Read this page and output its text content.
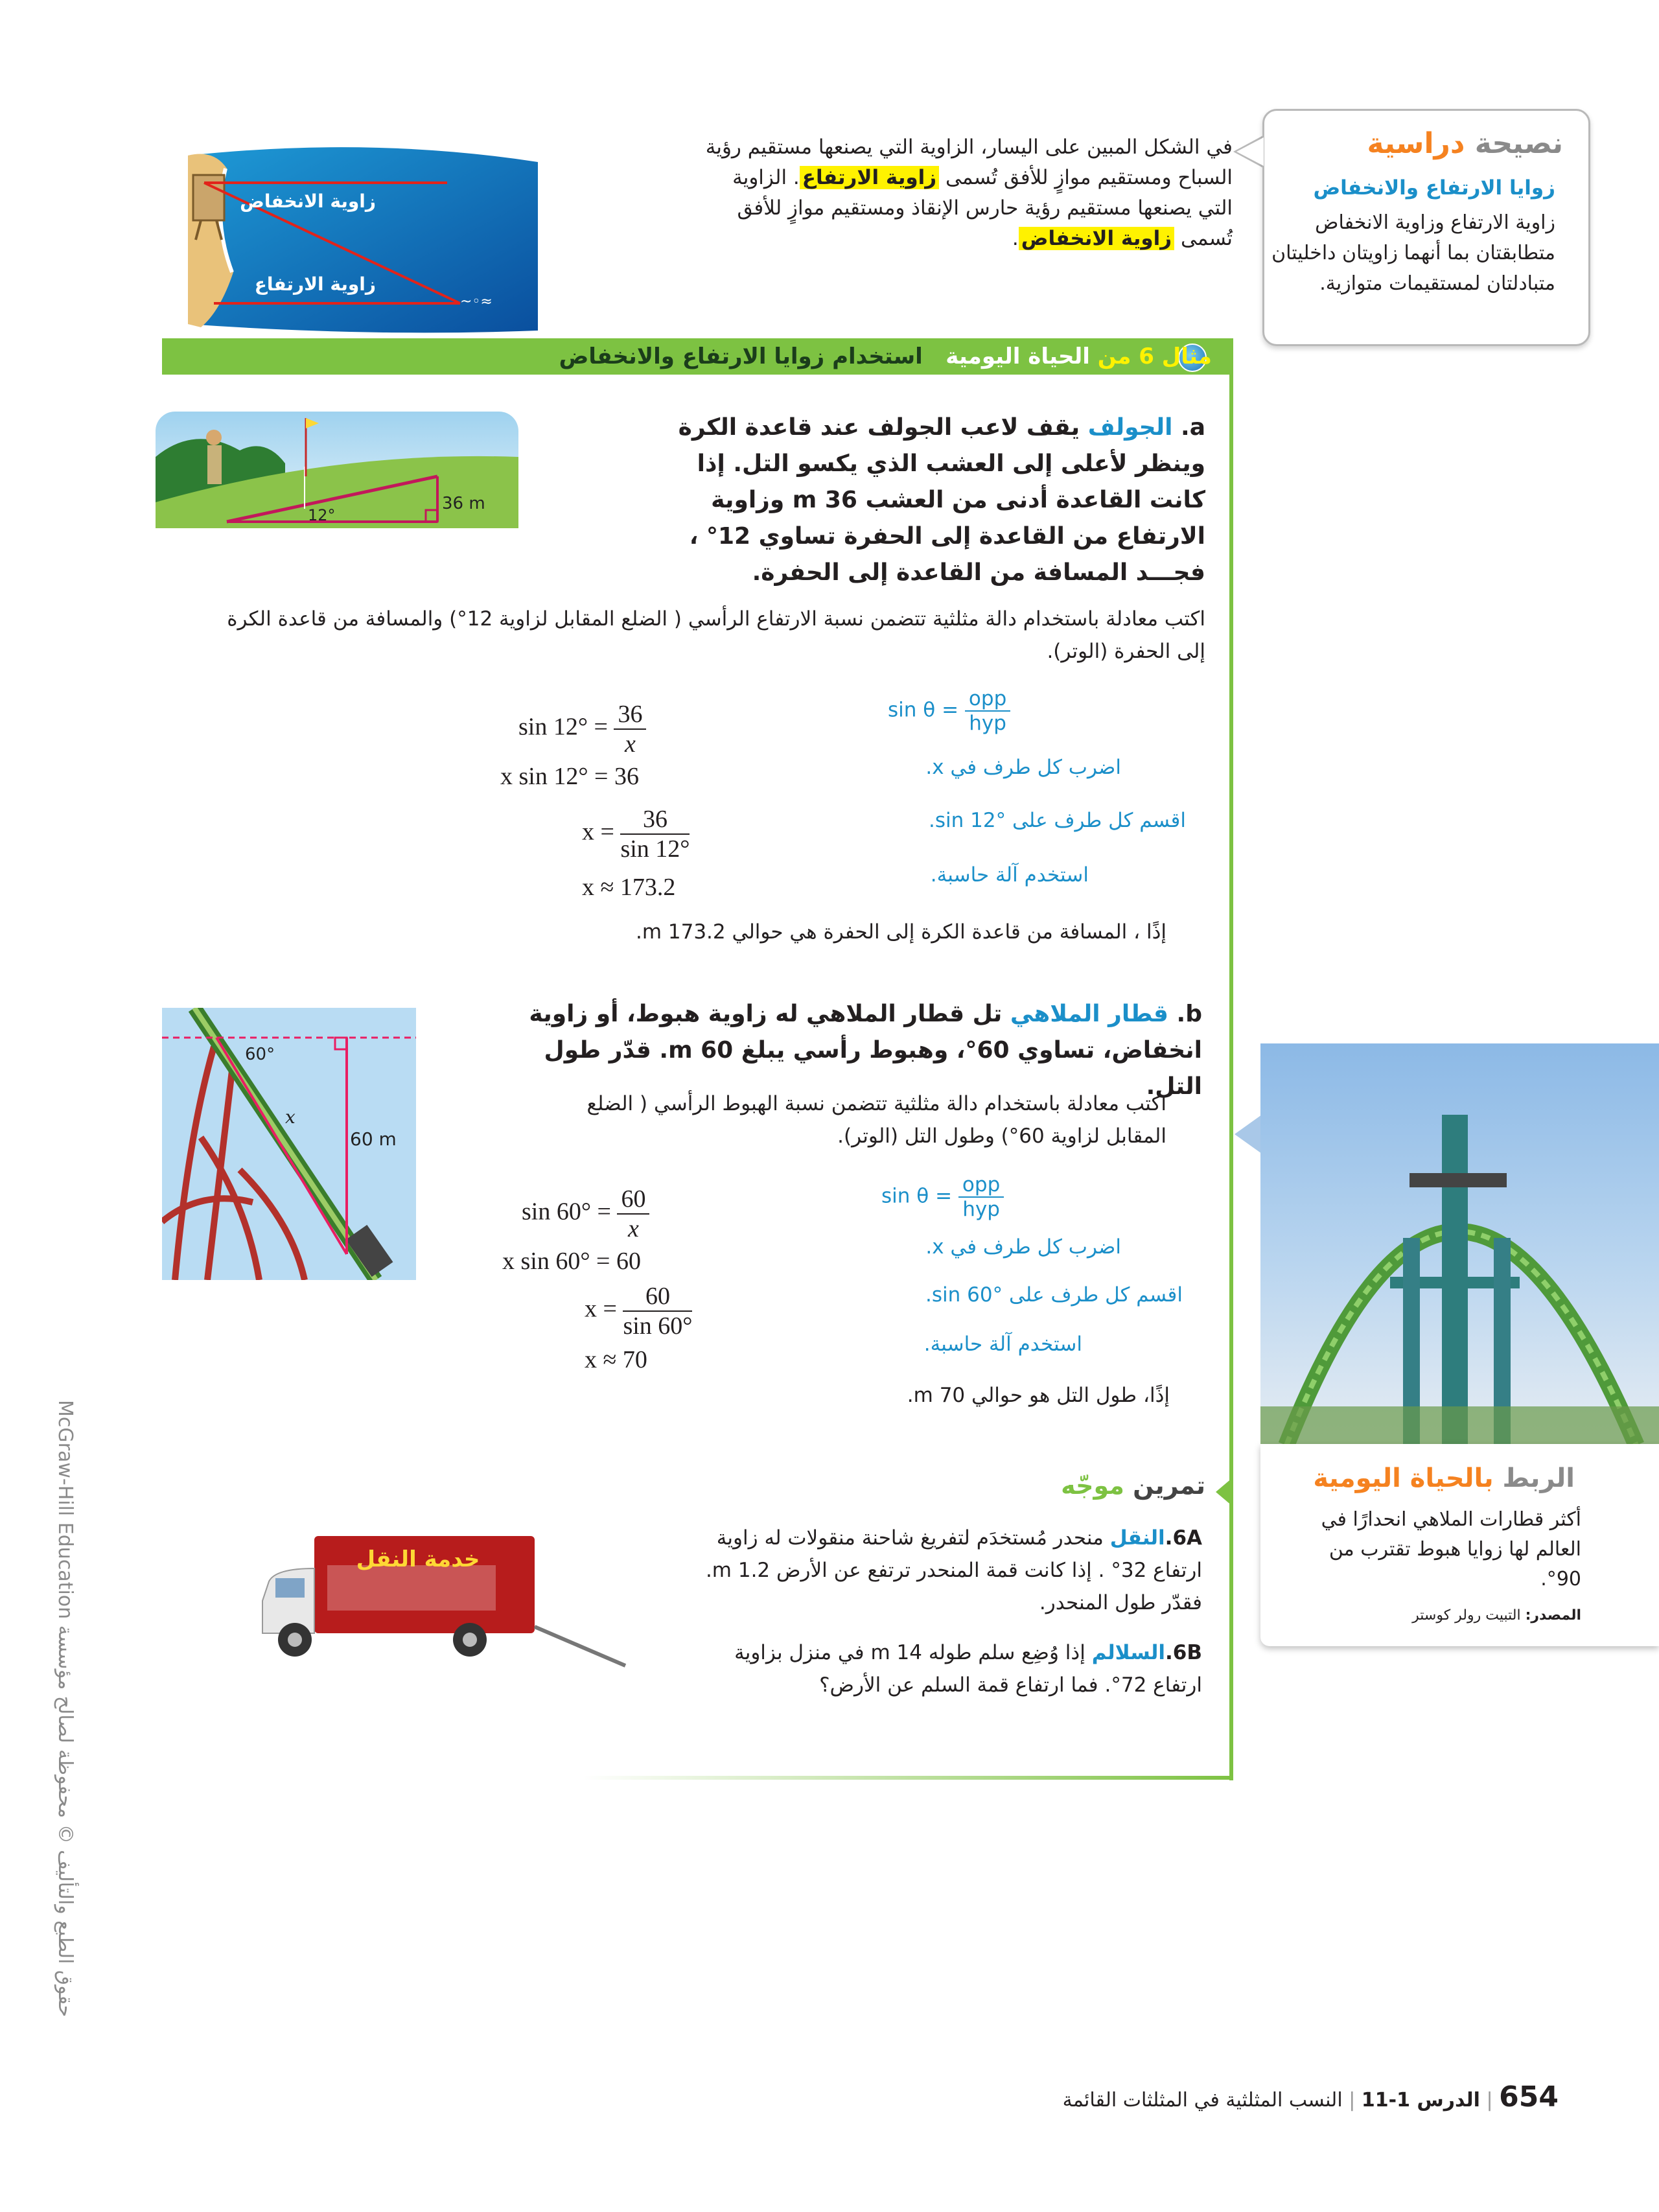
نصيحة دراسية
زوايا الارتفاع والانخفاض
زاوية الارتفاع وزاوية الانخفاض متطابقتان بما أنهما زاويتان داخليتان متبادلتان لمستقيمات متوازية.
في الشكل المبين على اليسار، الزاوية التي يصنعها مستقيم رؤية السباح ومستقيم موازٍ للأفق تُسمى زاوية الارتفاع. الزاوية التي يصنعها مستقيم رؤية حارس الإنقاذ ومستقيم موازٍ للأفق تُسمى زاوية الانخفاض.
~◦≈
زاوية الانخفاض
زاوية الارتفاع
مثال 6 من الحياة اليومية   استخدام زوايا الارتفاع والانخفاض
a. الجولف يقف لاعب الجولف عند قاعدة الكرة وينظر لأعلى إلى العشب الذي يكسو التل. إذا كانت القاعدة أدنى من العشب 36 m وزاوية الارتفاع من القاعدة إلى الحفرة تساوي 12° ، فجـــد المسافة من القاعدة إلى الحفرة.
12°
36 m
اكتب معادلة باستخدام دالة مثلثية تتضمن نسبة الارتفاع الرأسي ( الضلع المقابل لزاوية 12°) والمسافة من قاعدة الكرة إلى الحفرة (الوتر).
$\sin 12^\circ = \frac{36}{x}$
x sin 12° = 36
$x = \frac{36}{\sin 12^\circ}$
x ≈ 173.2
$\sin \theta = \frac{\text{opp}}{\text{hyp}}$
اضرب كل طرف في x.
اقسم كل طرف على sin 12°.
استخدم آلة حاسبة.
إذًا ، المسافة من قاعدة الكرة إلى الحفرة هي حوالي 173.2 m.
b. قطار الملاهي تل قطار الملاهي له زاوية هبوط، أو زاوية انخفاض، تساوي 60°، وهبوط رأسي يبلغ 60 m. قدّر طول التل.
60°
x
60 m
اكتب معادلة باستخدام دالة مثلثية تتضمن نسبة الهبوط الرأسي ( الضلع المقابل لزاوية 60°) وطول التل (الوتر).
$\sin 60^\circ = \frac{60}{x}$
x sin 60° = 60
$x = \frac{60}{\sin 60^\circ}$
x ≈ 70
$\sin \theta = \frac{\text{opp}}{\text{hyp}}$
اضرب كل طرف في x.
اقسم كل طرف على sin 60°.
استخدم آلة حاسبة.
إذًا، طول التل هو حوالي 70 m.
الربط بالحياة اليومية
أكثر قطارات الملاهي انحدارًا في العالم لها زوايا هبوط تقترب من 90°.
المصدر: التبيت رولر كوستر
تمرين موجّه
6A.النقل منحدر مُستخدَم لتفريغ شاحنة منقولات له زاوية ارتفاع 32° . إذا كانت قمة المنحدر ترتفع عن الأرض 1.2 m. فقدّر طول المنحدر.
6B.السلالم إذا وُضِع سلم طوله 14 m في منزل بزاوية ارتفاع 72°. فما ارتفاع قمة السلم عن الأرض؟
خدمة النقل
حقوق الطبع والتأليف © محفوظة لصالح مؤسسة McGraw-Hill Education
654 | الدرس 1-11 | النسب المثلثية في المثلثات القائمة
